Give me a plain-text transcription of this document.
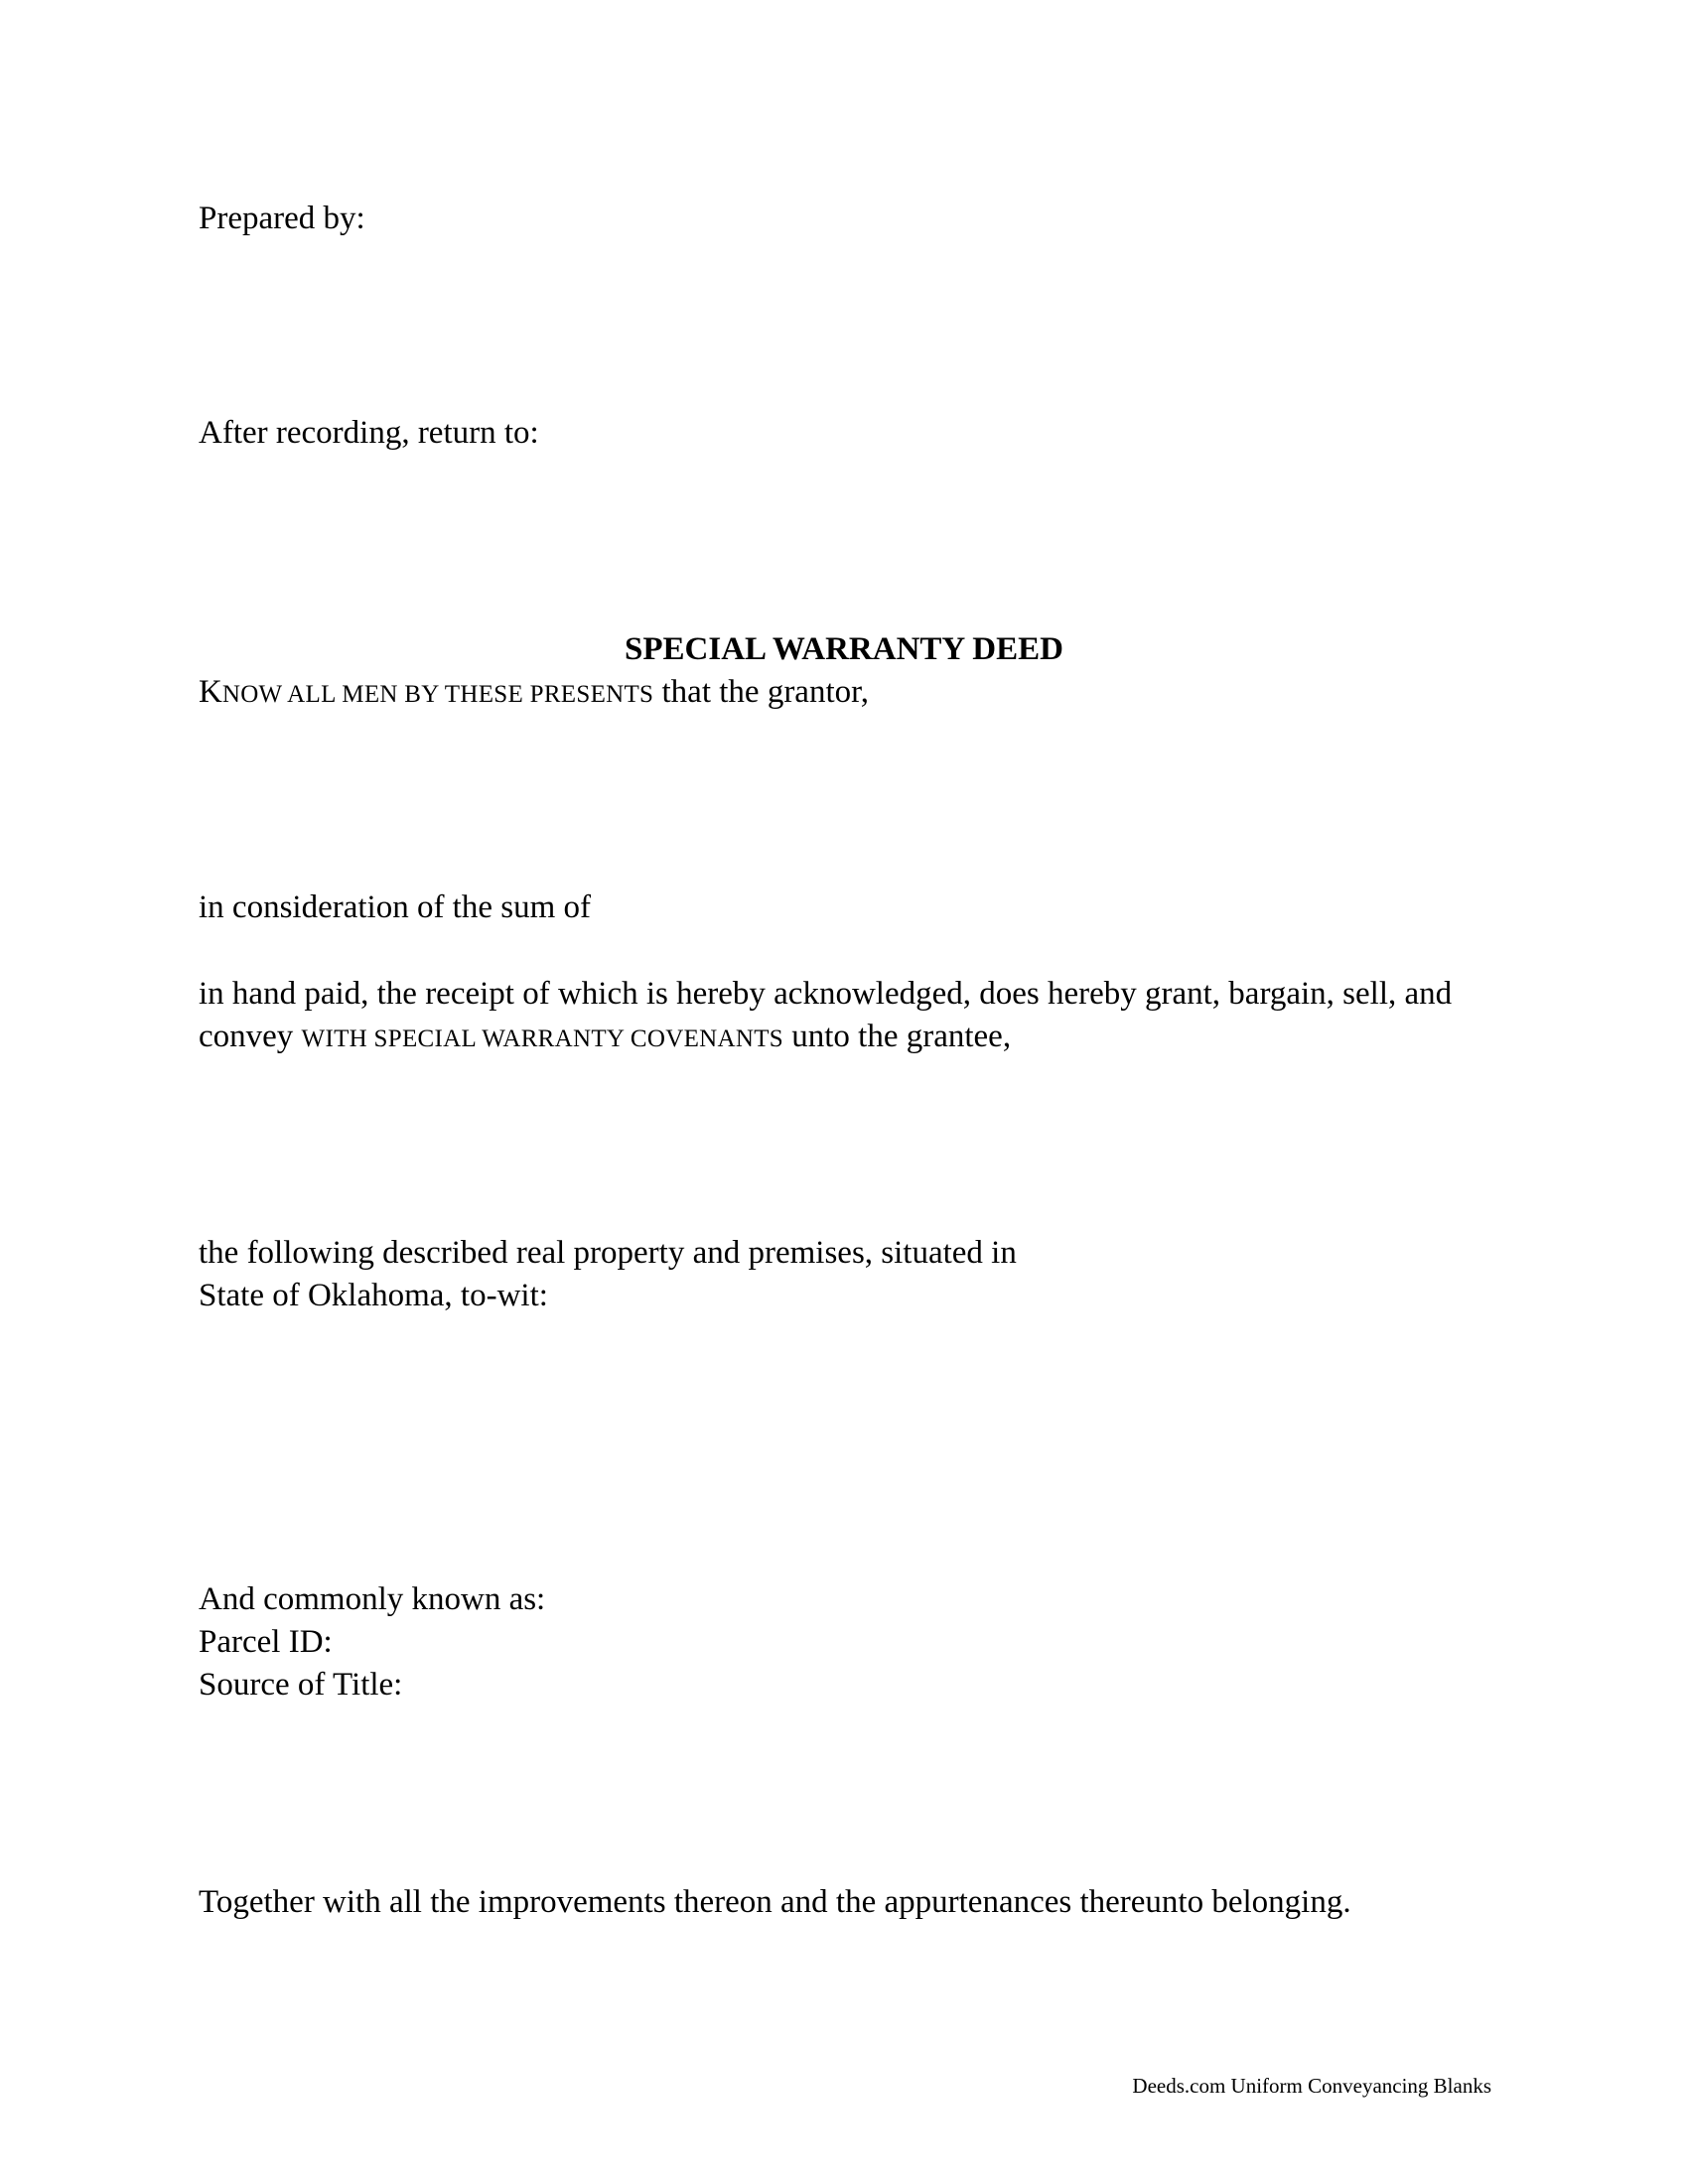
Prepared by:
After recording, return to:
SPECIAL WARRANTY DEED
KNOW ALL MEN BY THESE PRESENTS that the grantor,
in consideration of the sum of
in hand paid, the receipt of which is hereby acknowledged, does hereby grant, bargain, sell, and
convey WITH SPECIAL WARRANTY COVENANTS unto the grantee,
the following described real property and premises, situated in
State of Oklahoma, to-wit:
And commonly known as:
Parcel ID:
Source of Title:
Together with all the improvements thereon and the appurtenances thereunto belonging.
Deeds.com Uniform Conveyancing Blanks
